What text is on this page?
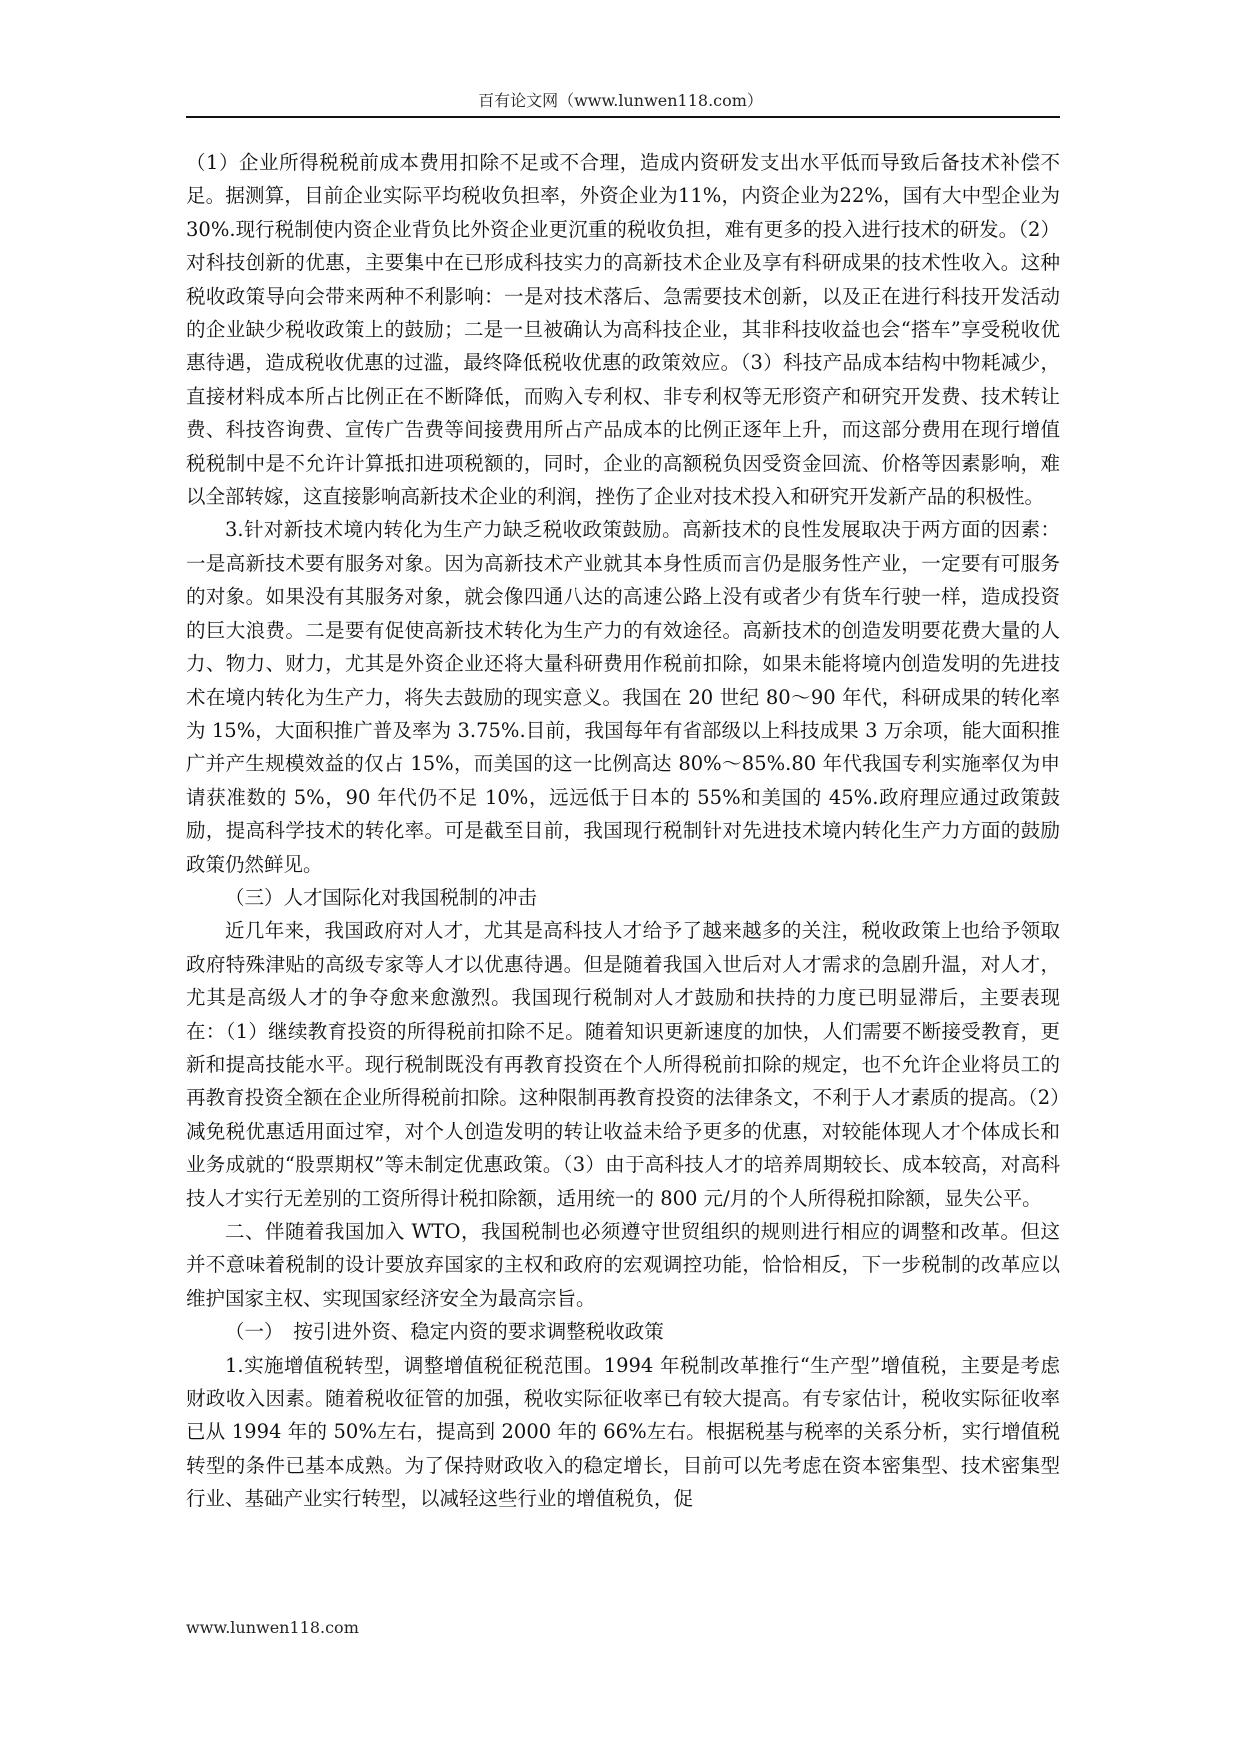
百有论文网（www.lunwen118.com）

（1）企业所得税税前成本费用扣除不足或不合理，造成内资研发支出水平低而导致后备技术补偿不足。据测算，目前企业实际平均税收负担率，外资企业为11%，内资企业为22%，国有大中型企业为30%.现行税制使内资企业背负比外资企业更沉重的税收负担，难有更多的投入进行技术的研发。（2）对科技创新的优惠，主要集中在已形成科技实力的高新技术企业及享有科研成果的技术性收入。这种税收政策导向会带来两种不利影响：一是对技术落后、急需要技术创新，以及正在进行科技开发活动的企业缺少税收政策上的鼓励；二是一旦被确认为高科技企业，其非科技收益也会“搭车”享受税收优惠待遇，造成税收优惠的过滥，最终降低税收优惠的政策效应。（3）科技产品成本结构中物耗减少，直接材料成本所占比例正在不断降低，而购入专利权、非专利权等无形资产和研究开发费、技术转让费、科技咨询费、宣传广告费等间接费用所占产品成本的比例正逐年上升，而这部分费用在现行增值税税制中是不允许计算抵扣进项税额的，同时，企业的高额税负因受资金回流、价格等因素影响，难以全部转嫁，这直接影响高新技术企业的利润，挫伤了企业对技术投入和研究开发新产品的积极性。

3.针对新技术境内转化为生产力缺乏税收政策鼓励。高新技术的良性发展取决于两方面的因素：一是高新技术要有服务对象。因为高新技术产业就其本身性质而言仍是服务性产业，一定要有可服务的对象。如果没有其服务对象，就会像四通八达的高速公路上没有或者少有货车行驶一样，造成投资的巨大浪费。二是要有促使高新技术转化为生产力的有效途径。高新技术的创造发明要花费大量的人力、物力、财力，尤其是外资企业还将大量科研费用作税前扣除，如果未能将境内创造发明的先进技术在境内转化为生产力，将失去鼓励的现实意义。我国在 20 世纪 80～90 年代，科研成果的转化率为 15%，大面积推广普及率为 3.75%.目前，我国每年有省部级以上科技成果 3 万余项，能大面积推广并产生规模效益的仅占 15%，而美国的这一比例高达 80%～85%.80 年代我国专利实施率仅为申请获准数的 5%，90 年代仍不足 10%，远远低于日本的 55%和美国的 45%.政府理应通过政策鼓励，提高科学技术的转化率。可是截至目前，我国现行税制针对先进技术境内转化生产力方面的鼓励政策仍然鲜见。

（三）人才国际化对我国税制的冲击

近几年来，我国政府对人才，尤其是高科技人才给予了越来越多的关注，税收政策上也给予领取政府特殊津贴的高级专家等人才以优惠待遇。但是随着我国入世后对人才需求的急剧升温，对人才，尤其是高级人才的争夺愈来愈激烈。我国现行税制对人才鼓励和扶持的力度已明显滞后，主要表现在：（1）继续教育投资的所得税前扣除不足。随着知识更新速度的加快，人们需要不断接受教育，更新和提高技能水平。现行税制既没有再教育投资在个人所得税前扣除的规定，也不允许企业将员工的再教育投资全额在企业所得税前扣除。这种限制再教育投资的法律条文，不利于人才素质的提高。（2）减免税优惠适用面过窄，对个人创造发明的转让收益未给予更多的优惠，对较能体现人才个体成长和业务成就的“股票期权”等未制定优惠政策。（3）由于高科技人才的培养周期较长、成本较高，对高科技人才实行无差别的工资所得计税扣除额，适用统一的 800 元/月的个人所得税扣除额，显失公平。

二、伴随着我国加入 WTO，我国税制也必须遵守世贸组织的规则进行相应的调整和改革。但这并不意味着税制的设计要放弃国家的主权和政府的宏观调控功能，恰恰相反，下一步税制的改革应以维护国家主权、实现国家经济安全为最高宗旨。

（一）　按引进外资、稳定内资的要求调整税收政策

1.实施增值税转型，调整增值税征税范围。1994 年税制改革推行“生产型”增值税，主要是考虑财政收入因素。随着税收征管的加强，税收实际征收率已有较大提高。有专家估计，税收实际征收率已从 1994 年的 50%左右，提高到 2000 年的 66%左右。根据税基与税率的关系分析，实行增值税转型的条件已基本成熟。为了保持财政收入的稳定增长，目前可以先考虑在资本密集型、技术密集型行业、基础产业实行转型，以减轻这些行业的增值税负，促

www.lunwen118.com
